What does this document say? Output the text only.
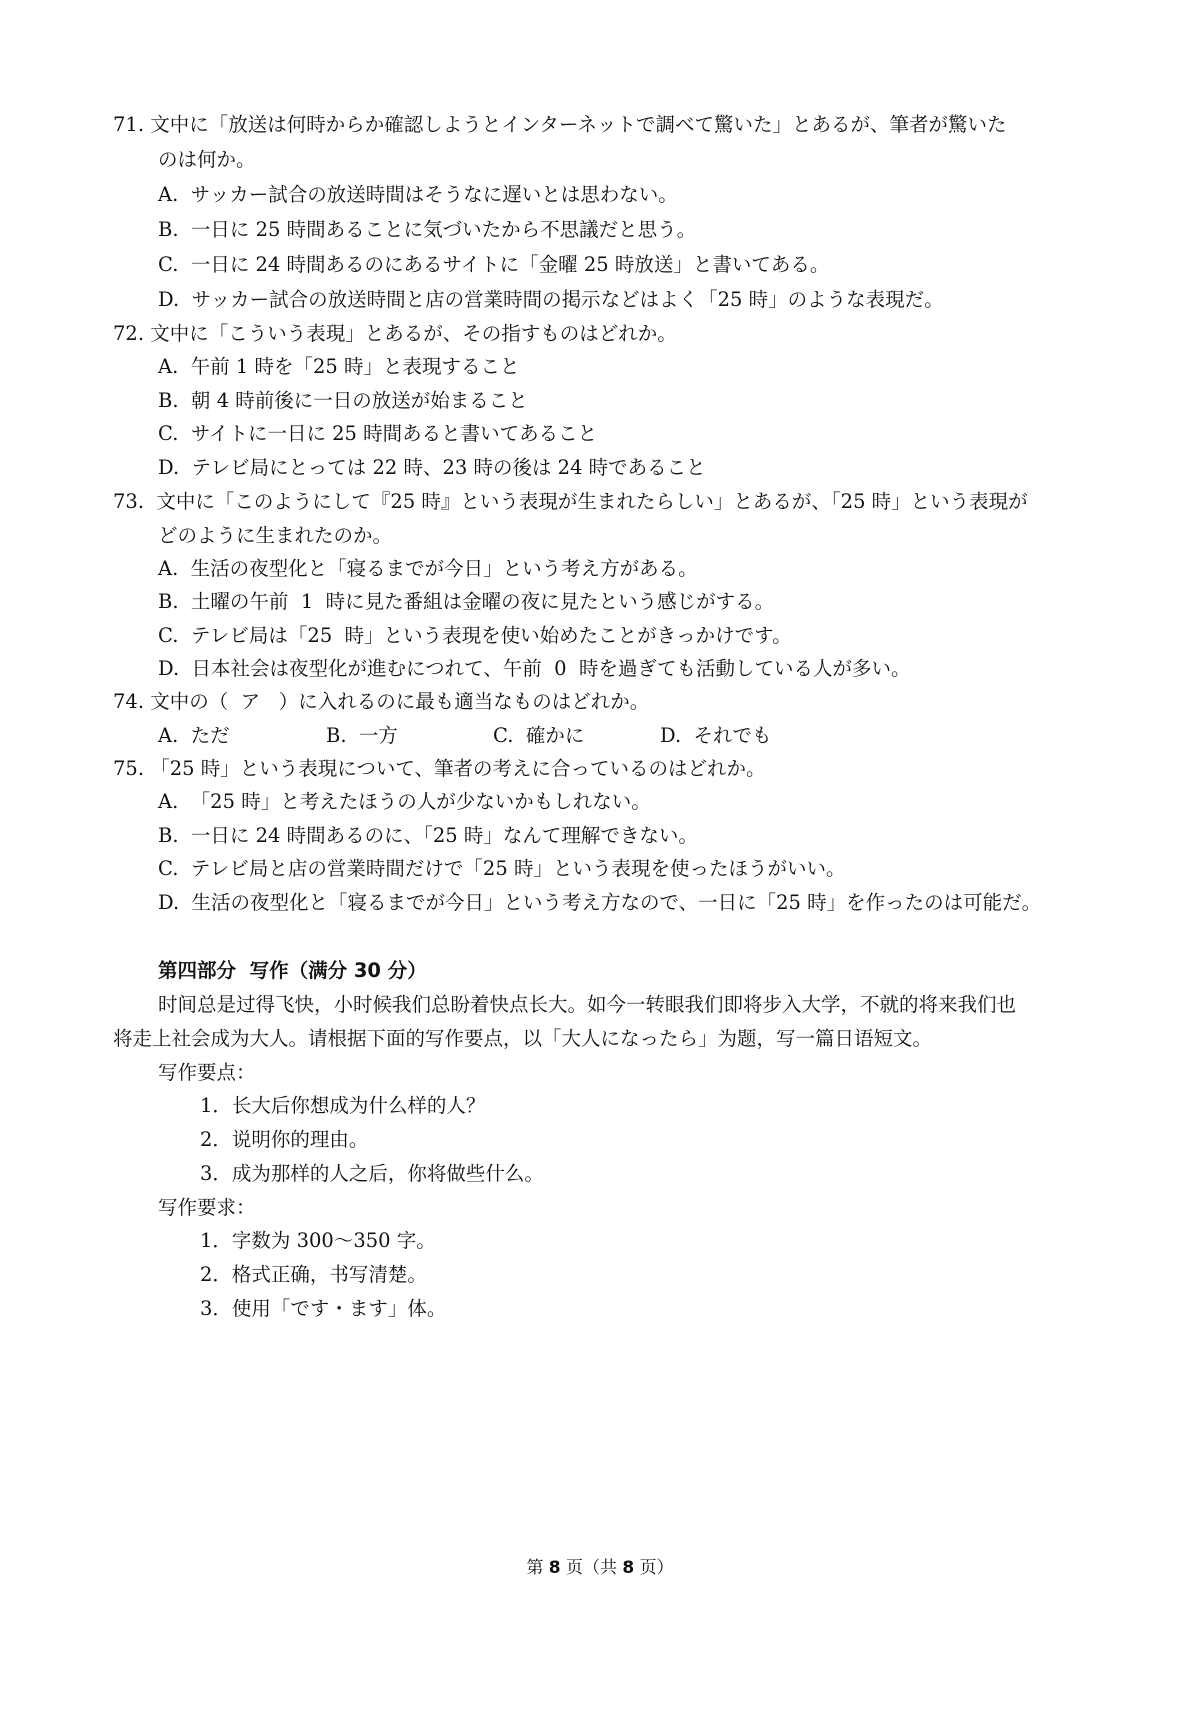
71. 文中に「放送は何時からか確認しようとインターネットで調べて驚いた」とあるが、筆者が驚いた
のは何か。
A.  サッカー試合の放送時間はそうなに遅いとは思わない。
B.  一日に 25 時間あることに気づいたから不思議だと思う。
C.  一日に 24 時間あるのにあるサイトに「金曜 25 時放送」と書いてある。
D.  サッカー試合の放送時間と店の営業時間の掲示などはよく「25 時」のような表現だ。
72. 文中に「こういう表現」とあるが、その指すものはどれか。
A.  午前 1 時を「25 時」と表現すること
B.  朝 4 時前後に一日の放送が始まること
C.  サイトに一日に 25 時間あると書いてあること
D.  テレビ局にとっては 22 時、23 時の後は 24 時であること
73.  文中に「このようにして『25 時』という表現が生まれたらしい」とあるが、「25 時」という表現が
どのように生まれたのか。
A.  生活の夜型化と「寝るまでが今日」という考え方がある。
B.  土曜の午前  1  時に見た番組は金曜の夜に見たという感じがする。
C.  テレビ局は「25  時」という表現を使い始めたことがきっかけです。
D.  日本社会は夜型化が進むにつれて、午前  0  時を過ぎても活動している人が多い。
74. 文中の（  ア   ）に入れるのに最も適当なものはどれか。
A.  ただ	B.  一方	C.  確かに	D.  それでも
75. 「25 時」という表現について、筆者の考えに合っているのはどれか。
A.  「25 時」と考えたほうの人が少ないかもしれない。
B.  一日に 24 時間あるのに、「25 時」なんて理解できない。
C.  テレビ局と店の営業時間だけで「25 時」という表現を使ったほうがいい。
D.  生活の夜型化と「寝るまでが今日」という考え方なので、一日に「25 時」を作ったのは可能だ。
第四部分  写作（满分 30 分）
时间总是过得飞快，小时候我们总盼着快点长大。如今一转眼我们即将步入大学，不就的将来我们也
将走上社会成为大人。请根据下面的写作要点，以「大人になったら」为题，写一篇日语短文。
写作要点：
1．长大后你想成为什么样的人？
2．说明你的理由。
3．成为那样的人之后，你将做些什么。
写作要求：
1．字数为 300～350 字。
2．格式正确，书写清楚。
3．使用「です・ます」体。
第 8 页（共 8 页）
